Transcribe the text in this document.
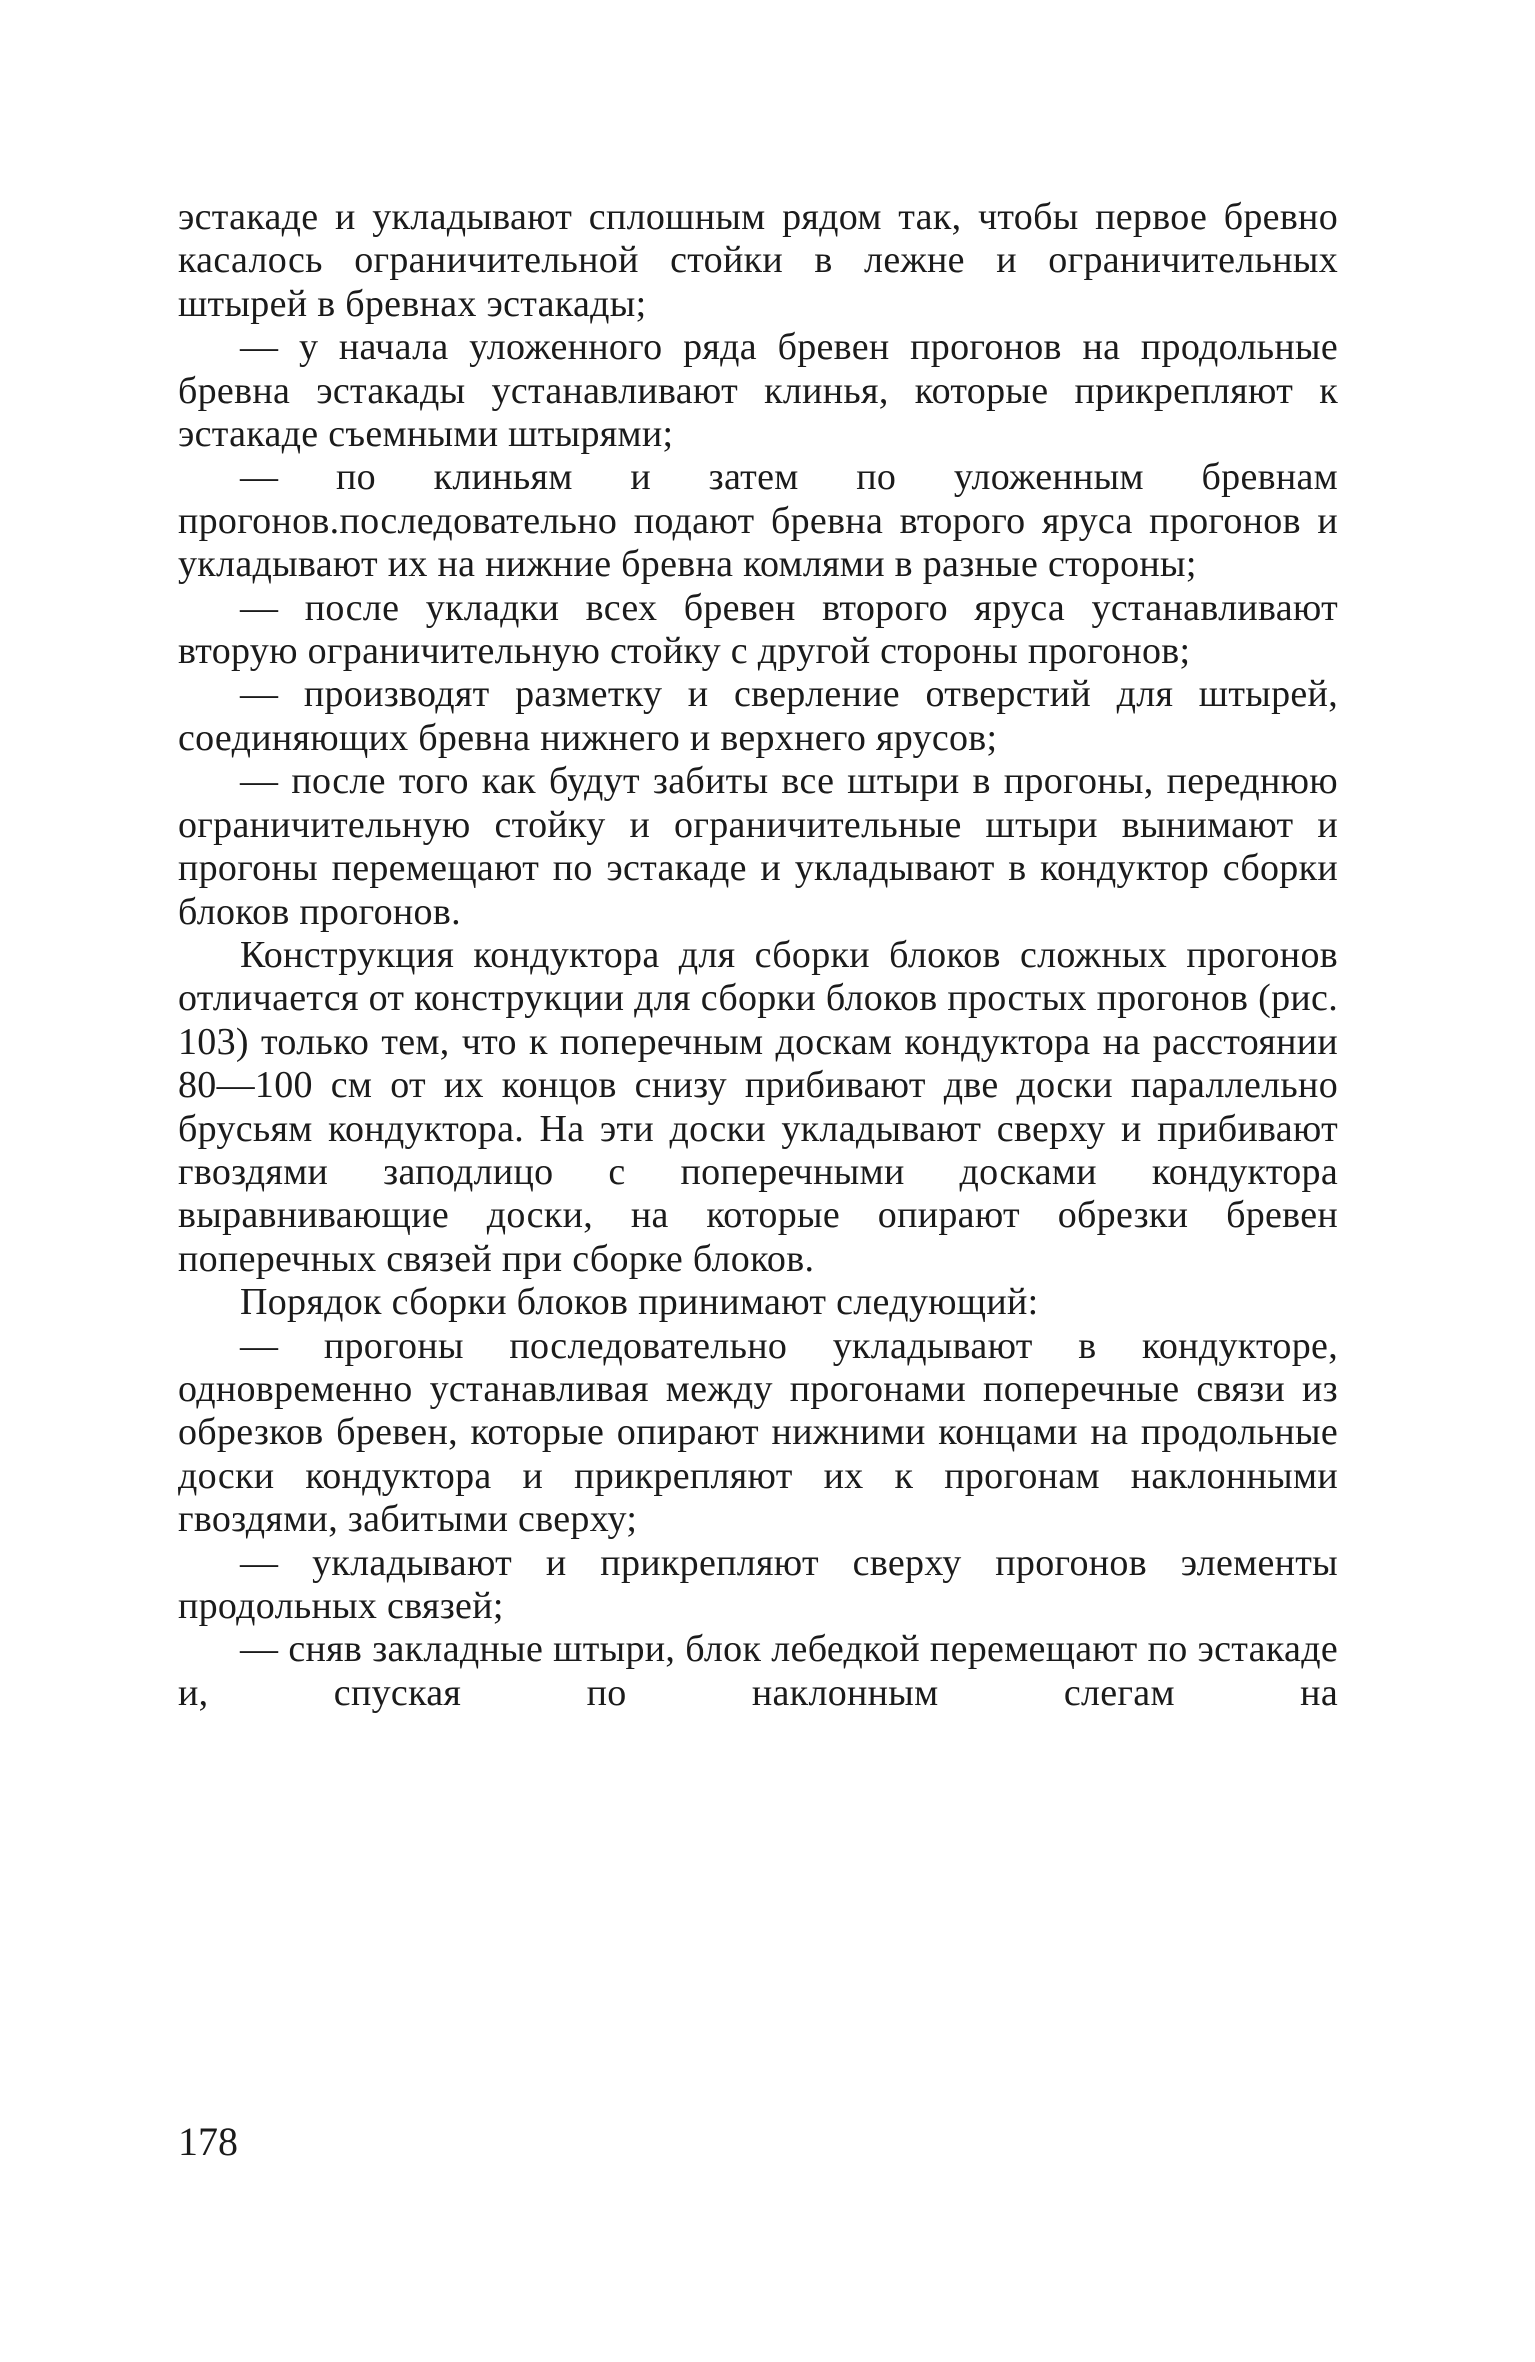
эстакаде и укладывают сплошным рядом так, чтобы первое бревно касалось ограничительной стойки в лежне и ограничительных штырей в бревнах эстакады;

— у начала уложенного ряда бревен прогонов на продольные бревна эстакады устанавливают клинья, которые прикрепляют к эстакаде съемными штырями;

— по клиньям и затем по уложенным бревнам прогонов.последовательно подают бревна второго яруса прогонов и укладывают их на нижние бревна комлями в разные стороны;

— после укладки всех бревен второго яруса устанавливают вторую ограничительную стойку с другой стороны прогонов;

— производят разметку и сверление отверстий для штырей, соединяющих бревна нижнего и верхнего ярусов;

— после того как будут забиты все штыри в прогоны, переднюю ограничительную стойку и ограничительные штыри вынимают и прогоны перемещают по эстакаде и укладывают в кондуктор сборки блоков прогонов.

Конструкция кондуктора для сборки блоков сложных прогонов отличается от конструкции для сборки блоков простых прогонов (рис. 103) только тем, что к поперечным доскам кондуктора на расстоянии 80—100 см от их концов снизу прибивают две доски параллельно брусьям кондуктора. На эти доски укладывают сверху и прибивают гвоздями заподлицо с поперечными досками кондуктора выравнивающие доски, на которые опирают обрезки бревен поперечных связей при сборке блоков.

Порядок сборки блоков принимают следующий:

— прогоны последовательно укладывают в кондукторе, одновременно устанавливая между прогонами поперечные связи из обрезков бревен, которые опирают нижними концами на продольные доски кондуктора и прикрепляют их к прогонам наклонными гвоздями, забитыми сверху;

— укладывают и прикрепляют сверху прогонов элементы продольных связей;

— сняв закладные штыри, блок лебедкой перемещают по эстакаде и, спуская по наклонным слегам на

178
